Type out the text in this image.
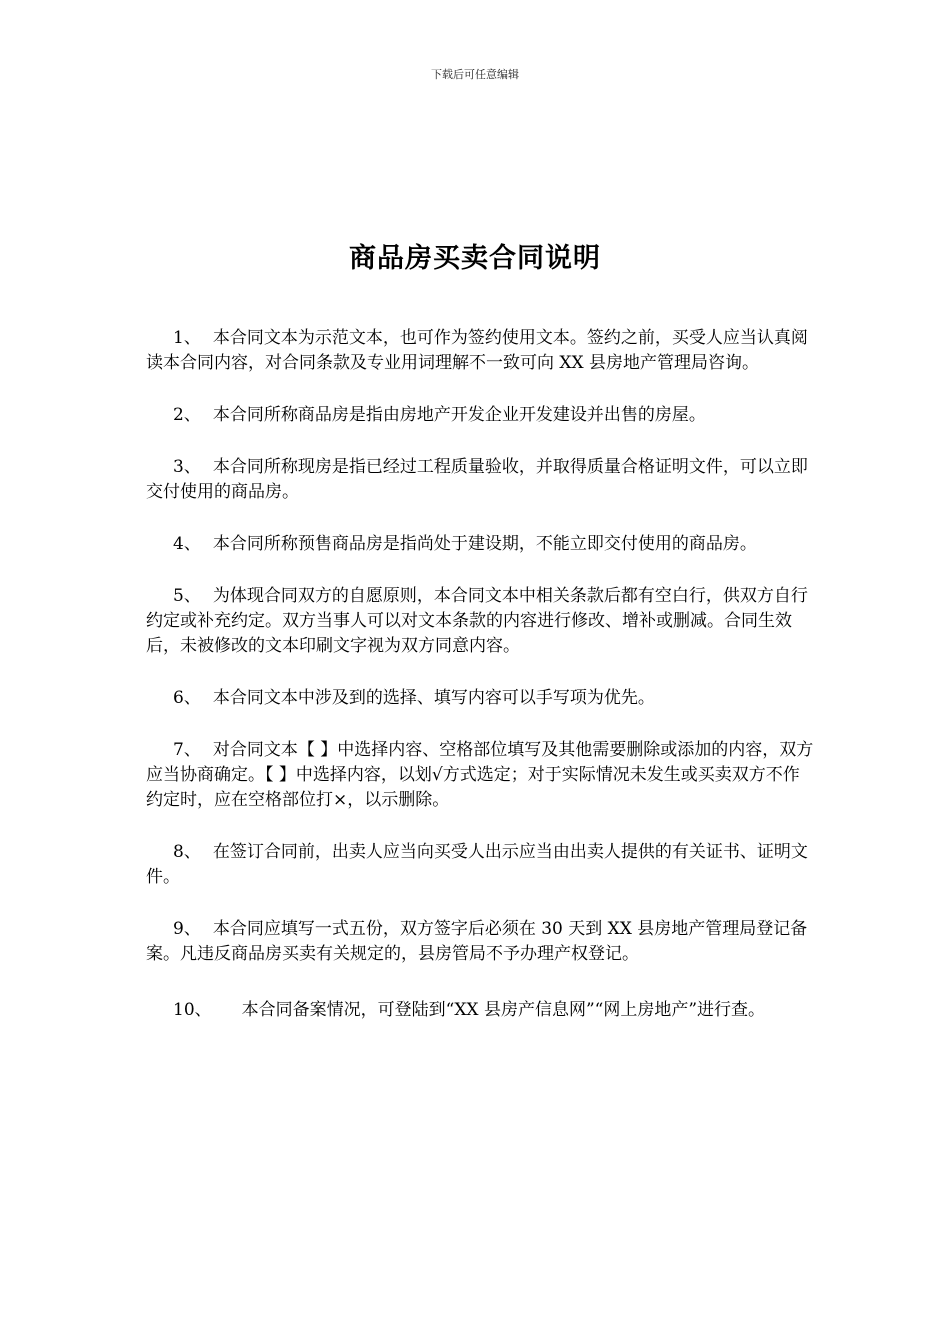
下载后可任意编辑
商品房买卖合同说明

1、 本合同文本为示范文本，也可作为签约使用文本。签约之前，买受人应当认真阅读本合同内容，对合同条款及专业用词理解不一致可向 XX 县房地产管理局咨询。

2、 本合同所称商品房是指由房地产开发企业开发建设并出售的房屋。

3、 本合同所称现房是指已经过工程质量验收，并取得质量合格证明文件，可以立即交付使用的商品房。

4、 本合同所称预售商品房是指尚处于建设期，不能立即交付使用的商品房。

5、 为体现合同双方的自愿原则，本合同文本中相关条款后都有空白行，供双方自行约定或补充约定。双方当事人可以对文本条款的内容进行修改、增补或删减。合同生效后，未被修改的文本印刷文字视为双方同意内容。

6、 本合同文本中涉及到的选择、填写内容可以手写项为优先。

7、 对合同文本【 】中选择内容、空格部位填写及其他需要删除或添加的内容，双方应当协商确定。【 】中选择内容，以划√方式选定；对于实际情况未发生或买卖双方不作约定时，应在空格部位打×，以示删除。

8、 在签订合同前，出卖人应当向买受人出示应当由出卖人提供的有关证书、证明文件。

9、 本合同应填写一式五份，双方签字后必须在 30 天到 XX 县房地产管理局登记备案。凡违反商品房买卖有关规定的，县房管局不予办理产权登记。

10、 本合同备案情况，可登陆到“XX 县房产信息网”“网上房地产”进行查。
